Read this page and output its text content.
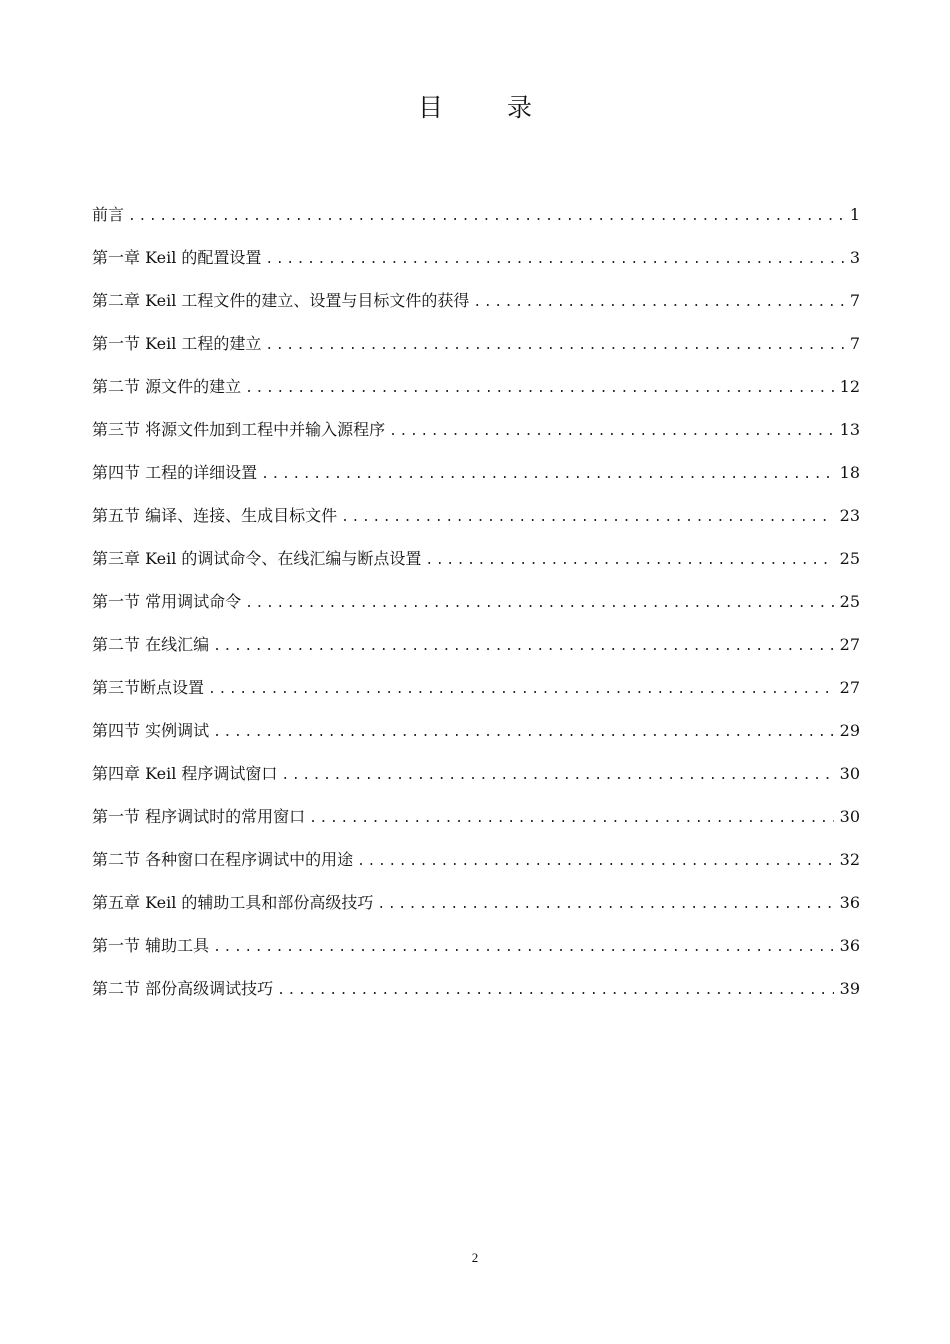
目 录
前言 .....	1
第一章 Keil 的配置设置 .....	3
第二章 Keil 工程文件的建立、设置与目标文件的获得 .....	7
第一节 Keil 工程的建立 .....	7
第二节 源文件的建立 .....	12
第三节 将源文件加到工程中并输入源程序 .....	13
第四节 工程的详细设置 .....	18
第五节 编译、连接、生成目标文件 .....	23
第三章 Keil 的调试命令、在线汇编与断点设置 .....	25
第一节 常用调试命令 .....	25
第二节 在线汇编 .....	27
第三节断点设置 .....	27
第四节 实例调试 .....	29
第四章 Keil 程序调试窗口 .....	30
第一节 程序调试时的常用窗口 .....	30
第二节 各种窗口在程序调试中的用途 .....	32
第五章 Keil 的辅助工具和部份高级技巧 .....	36
第一节 辅助工具 .....	36
第二节 部份高级调试技巧 .....	39
2
